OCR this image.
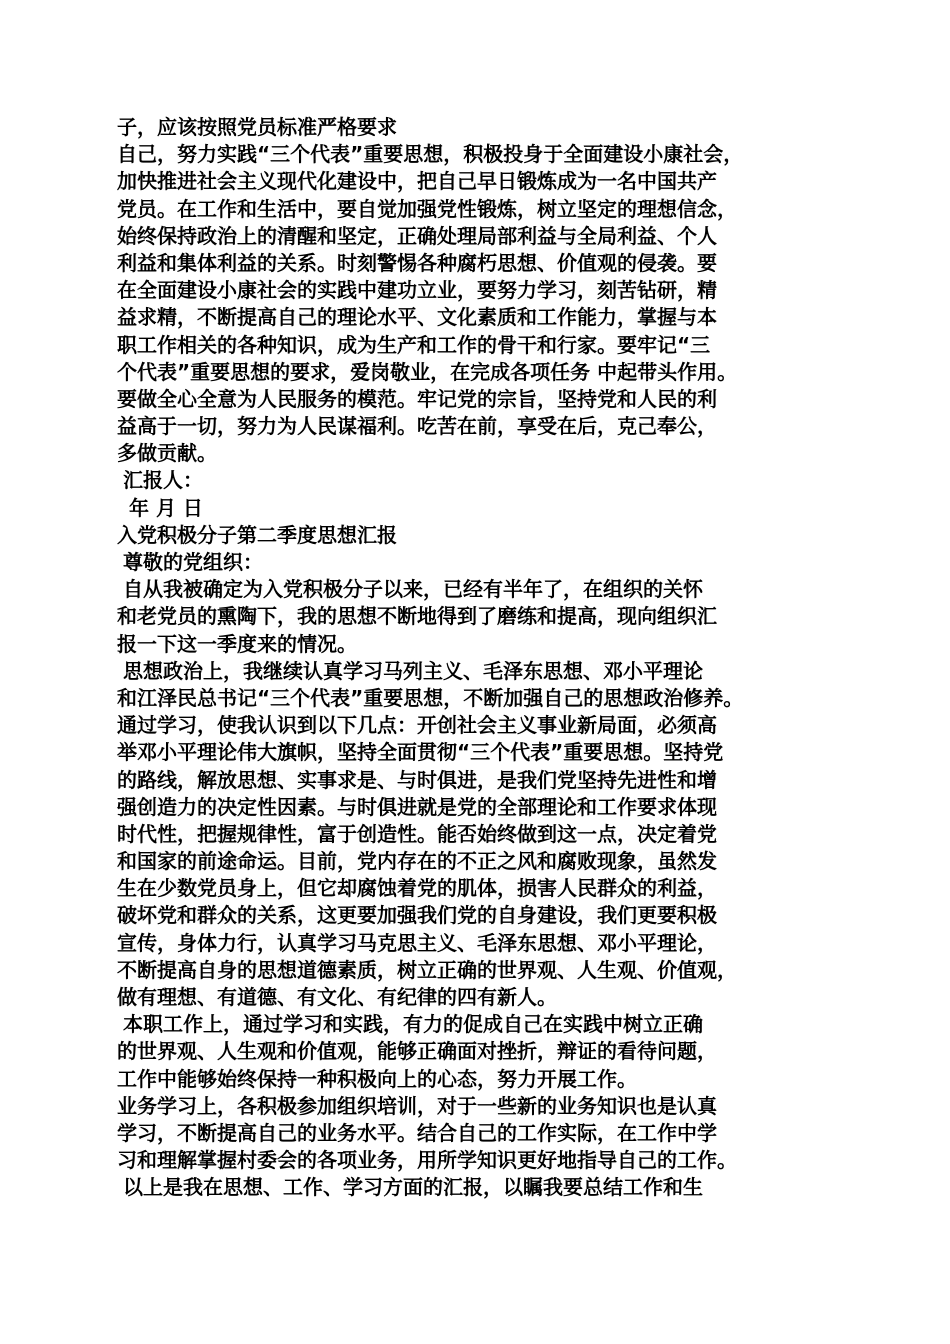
子，应该按照党员标准严格要求
自己，努力实践“三个代表”重要思想，积极投身于全面建设小康社会，
加快推进社会主义现代化建设中，把自己早日锻炼成为一名中国共产
党员。在工作和生活中，要自觉加强党性锻炼，树立坚定的理想信念，
始终保持政治上的清醒和坚定，正确处理局部利益与全局利益、个人
利益和集体利益的关系。时刻警惕各种腐朽思想、价值观的侵袭。要
在全面建设小康社会的实践中建功立业，要努力学习，刻苦钻研，精
益求精，不断提高自己的理论水平、文化素质和工作能力，掌握与本
职工作相关的各种知识，成为生产和工作的骨干和行家。要牢记“三
个代表”重要思想的要求，爱岗敬业，在完成各项任务 中起带头作用。
要做全心全意为人民服务的模范。牢记党的宗旨，坚持党和人民的利
益高于一切，努力为人民谋福利。吃苦在前，享受在后，克己奉公，
多做贡献。
汇报人：
年 月 日
入党积极分子第二季度思想汇报
尊敬的党组织：
自从我被确定为入党积极分子以来，已经有半年了，在组织的关怀
和老党员的熏陶下，我的思想不断地得到了磨练和提高，现向组织汇
报一下这一季度来的情况。
思想政治上，我继续认真学习马列主义、毛泽东思想、邓小平理论
和江泽民总书记“三个代表”重要思想，不断加强自己的思想政治修养。
通过学习，使我认识到以下几点：开创社会主义事业新局面，必须高
举邓小平理论伟大旗帜，坚持全面贯彻“三个代表”重要思想。坚持党
的路线，解放思想、实事求是、与时俱进，是我们党坚持先进性和增
强创造力的决定性因素。与时俱进就是党的全部理论和工作要求体现
时代性，把握规律性，富于创造性。能否始终做到这一点，决定着党
和国家的前途命运。目前，党内存在的不正之风和腐败现象，虽然发
生在少数党员身上，但它却腐蚀着党的肌体，损害人民群众的利益，
破坏党和群众的关系，这更要加强我们党的自身建设，我们更要积极
宣传，身体力行，认真学习马克思主义、毛泽东思想、邓小平理论，
不断提高自身的思想道德素质，树立正确的世界观、人生观、价值观，
做有理想、有道德、有文化、有纪律的四有新人。
本职工作上，通过学习和实践，有力的促成自己在实践中树立正确
的世界观、人生观和价值观，能够正确面对挫折，辩证的看待问题，
工作中能够始终保持一种积极向上的心态，努力开展工作。
业务学习上，各积极参加组织培训，对于一些新的业务知识也是认真
学习，不断提高自己的业务水平。结合自己的工作实际，在工作中学
习和理解掌握村委会的各项业务，用所学知识更好地指导自己的工作。
以上是我在思想、工作、学习方面的汇报，以瞩我要总结工作和生
